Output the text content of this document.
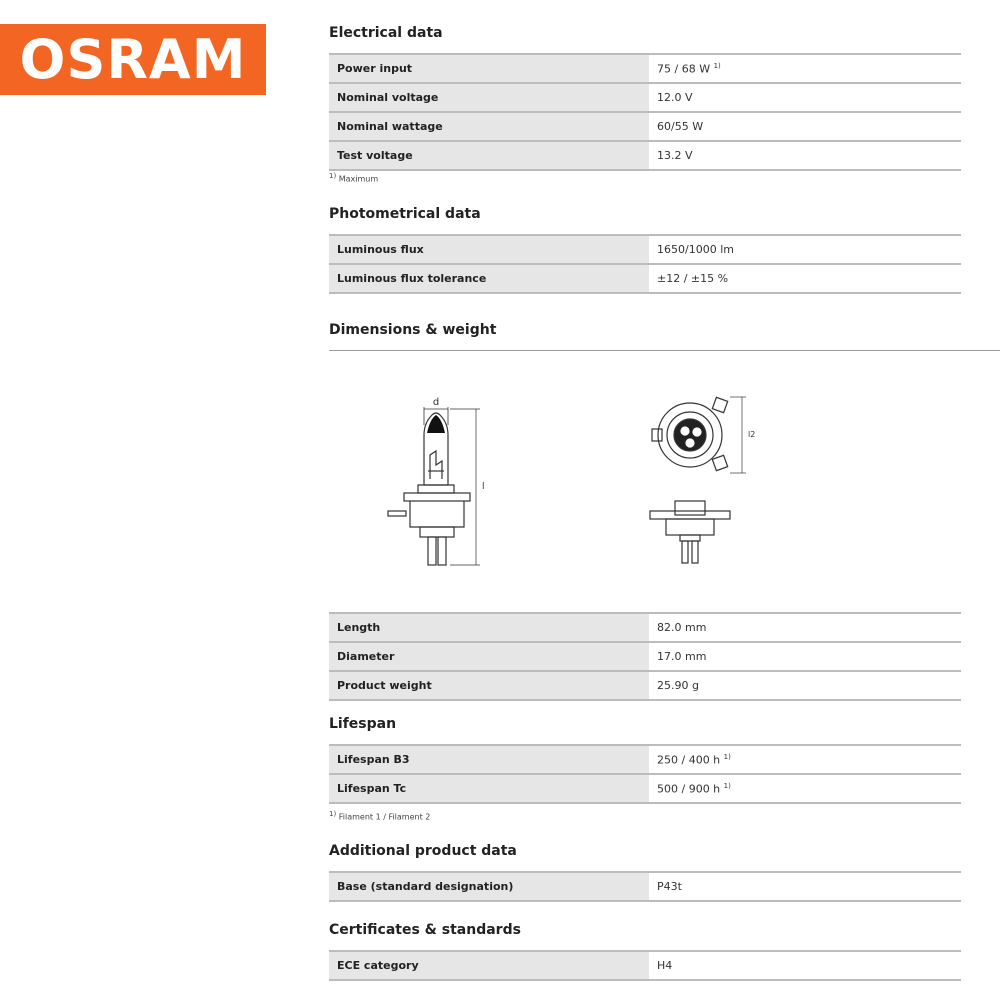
OSRAM	Electrical data
Power input	75 / 68 W $^{1)}$
Nominal voltage	12.0 V
Nominal wattage	60/55 W
Test voltage	13.2 V
$^{1)}$ Maximum
Photometrical data
Luminous flux	1650/1000 lm
Luminous flux tolerance	±12 / ±15 %
Dimensions & weight
d
l
l2
Length	82.0 mm
Diameter	17.0 mm
Product weight	25.90 g
Lifespan
Lifespan B3	250 / 400 h $^{1)}$
Lifespan Tc	500 / 900 h $^{1)}$
$^{1)}$ Filament 1 / Filament 2
Additional product data
Base (standard designation)	P43t
Certificates & standards
ECE category	H4
